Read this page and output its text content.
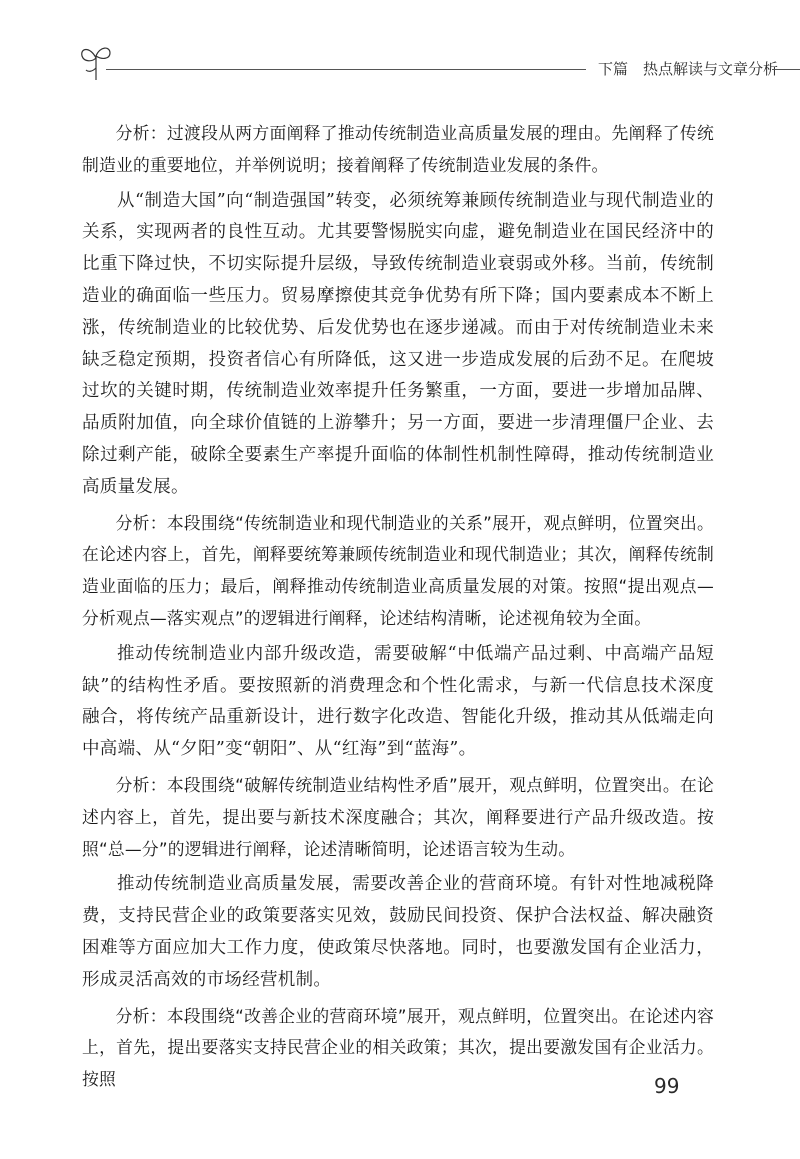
下篇　热点解读与文章分析

分析：过渡段从两方面阐释了推动传统制造业高质量发展的理由。先阐释了传统制造业的重要地位，并举例说明；接着阐释了传统制造业发展的条件。

从“制造大国”向“制造强国”转变，必须统筹兼顾传统制造业与现代制造业的关系，实现两者的良性互动。尤其要警惕脱实向虚，避免制造业在国民经济中的比重下降过快，不切实际提升层级，导致传统制造业衰弱或外移。当前，传统制造业的确面临一些压力。贸易摩擦使其竞争优势有所下降；国内要素成本不断上涨，传统制造业的比较优势、后发优势也在逐步递减。而由于对传统制造业未来缺乏稳定预期，投资者信心有所降低，这又进一步造成发展的后劲不足。在爬坡过坎的关键时期，传统制造业效率提升任务繁重，一方面，要进一步增加品牌、品质附加值，向全球价值链的上游攀升；另一方面，要进一步清理僵尸企业、去除过剩产能，破除全要素生产率提升面临的体制性机制性障碍，推动传统制造业高质量发展。

分析：本段围绕“传统制造业和现代制造业的关系”展开，观点鲜明，位置突出。在论述内容上，首先，阐释要统筹兼顾传统制造业和现代制造业；其次，阐释传统制造业面临的压力；最后，阐释推动传统制造业高质量发展的对策。按照“提出观点—分析观点—落实观点”的逻辑进行阐释，论述结构清晰，论述视角较为全面。

推动传统制造业内部升级改造，需要破解“中低端产品过剩、中高端产品短缺”的结构性矛盾。要按照新的消费理念和个性化需求，与新一代信息技术深度融合，将传统产品重新设计，进行数字化改造、智能化升级，推动其从低端走向中高端、从“夕阳”变“朝阳”、从“红海”到“蓝海”。

分析：本段围绕“破解传统制造业结构性矛盾”展开，观点鲜明，位置突出。在论述内容上，首先，提出要与新技术深度融合；其次，阐释要进行产品升级改造。按照“总—分”的逻辑进行阐释，论述清晰简明，论述语言较为生动。

推动传统制造业高质量发展，需要改善企业的营商环境。有针对性地减税降费，支持民营企业的政策要落实见效，鼓励民间投资、保护合法权益、解决融资困难等方面应加大工作力度，使政策尽快落地。同时，也要激发国有企业活力，形成灵活高效的市场经营机制。

分析：本段围绕“改善企业的营商环境”展开，观点鲜明，位置突出。在论述内容上，首先，提出要落实支持民营企业的相关政策；其次，提出要激发国有企业活力。按照	99
